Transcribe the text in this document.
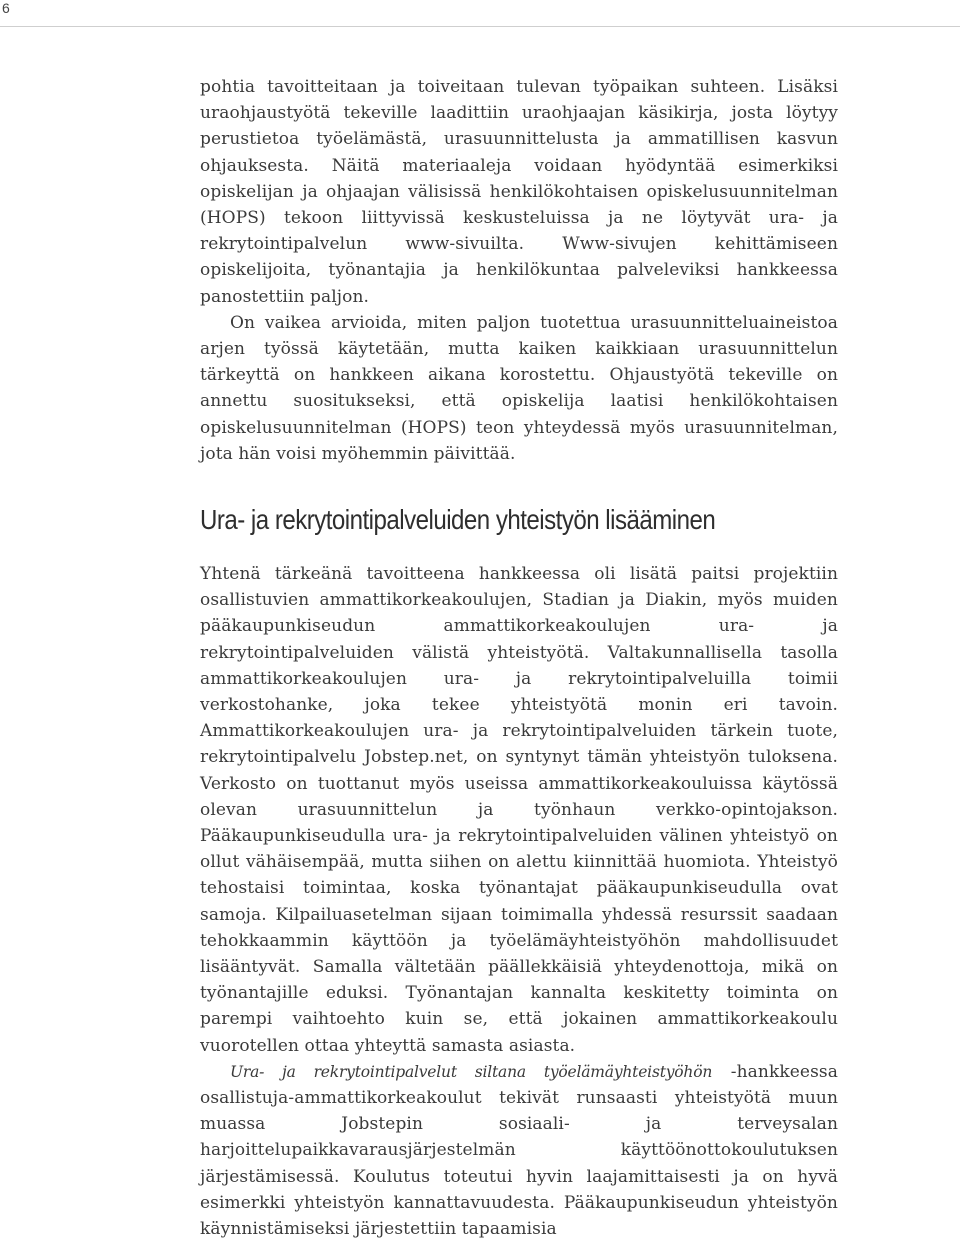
6

pohtia tavoitteitaan ja toiveitaan tulevan työpaikan suhteen. Lisäksi uraohjaustyötä tekeville laadittiin uraohjaajan käsikirja, josta löytyy perustietoa työelämästä, urasuunnittelusta ja ammatillisen kasvun ohjauksesta. Näitä materiaaleja voidaan hyödyntää esimerkiksi opiskelijan ja ohjaajan välisissä henkilökohtaisen opiskelusuunnitelman (HOPS) tekoon liittyvissä keskusteluissa ja ne löytyvät ura- ja rekrytointipalvelun www-sivuilta. Www-sivujen kehittämiseen opiskelijoita, työnantajia ja henkilökuntaa palveleviksi hankkeessa panostettiin paljon.

On vaikea arvioida, miten paljon tuotettua urasuunnitteluaineistoa arjen työssä käytetään, mutta kaiken kaikkiaan urasuunnittelun tärkeyttä on hankkeen aikana korostettu. Ohjaustyötä tekeville on annettu suositukseksi, että opiskelija laatisi henkilökohtaisen opiskelusuunnitelman (HOPS) teon yhteydessä myös urasuunnitelman, jota hän voisi myöhemmin päivittää.

Ura- ja rekrytointipalveluiden yhteistyön lisääminen

Yhtenä tärkeänä tavoitteena hankkeessa oli lisätä paitsi projektiin osallistuvien ammattikorkeakoulujen, Stadian ja Diakin, myös muiden pääkaupunkiseudun ammattikorkeakoulujen ura- ja rekrytointipalveluiden välistä yhteistyötä. Valtakunnallisella tasolla ammattikorkeakoulujen ura- ja rekrytointipalveluilla toimii verkostohanke, joka tekee yhteistyötä monin eri tavoin. Ammattikorkeakoulujen ura- ja rekrytointipalveluiden tärkein tuote, rekrytointipalvelu Jobstep.net, on syntynyt tämän yhteistyön tuloksena. Verkosto on tuottanut myös useissa ammattikorkeakouluissa käytössä olevan urasuunnittelun ja työnhaun verkko-opintojakson. Pääkaupunkiseudulla ura- ja rekrytointipalveluiden välinen yhteistyö on ollut vähäisempää, mutta siihen on alettu kiinnittää huomiota. Yhteistyö tehostaisi toimintaa, koska työnantajat pääkaupunkiseudulla ovat samoja. Kilpailuasetelman sijaan toimimalla yhdessä resurssit saadaan tehokkaammin käyttöön ja työelämäyhteistyöhön mahdollisuudet lisääntyvät. Samalla vältetään päällekkäisiä yhteydenottoja, mikä on työnantajille eduksi. Työnantajan kannalta keskitetty toiminta on parempi vaihtoehto kuin se, että jokainen ammattikorkeakoulu vuorotellen ottaa yhteyttä samasta asiasta.

Ura- ja rekrytointipalvelut siltana työelämäyhteistyöhön -hankkeessa osallistuja-ammattikorkeakoulut tekivät runsaasti yhteistyötä muun muassa Jobstepin sosiaali- ja terveysalan harjoittelupaikkavarausjärjestelmän käyttöönottokoulutuksen järjestämisessä. Koulutus toteutui hyvin laajamittaisesti ja on hyvä esimerkki yhteistyön kannattavuudesta. Pääkaupunkiseudun yhteistyön käynnistämiseksi järjestettiin tapaamisia
